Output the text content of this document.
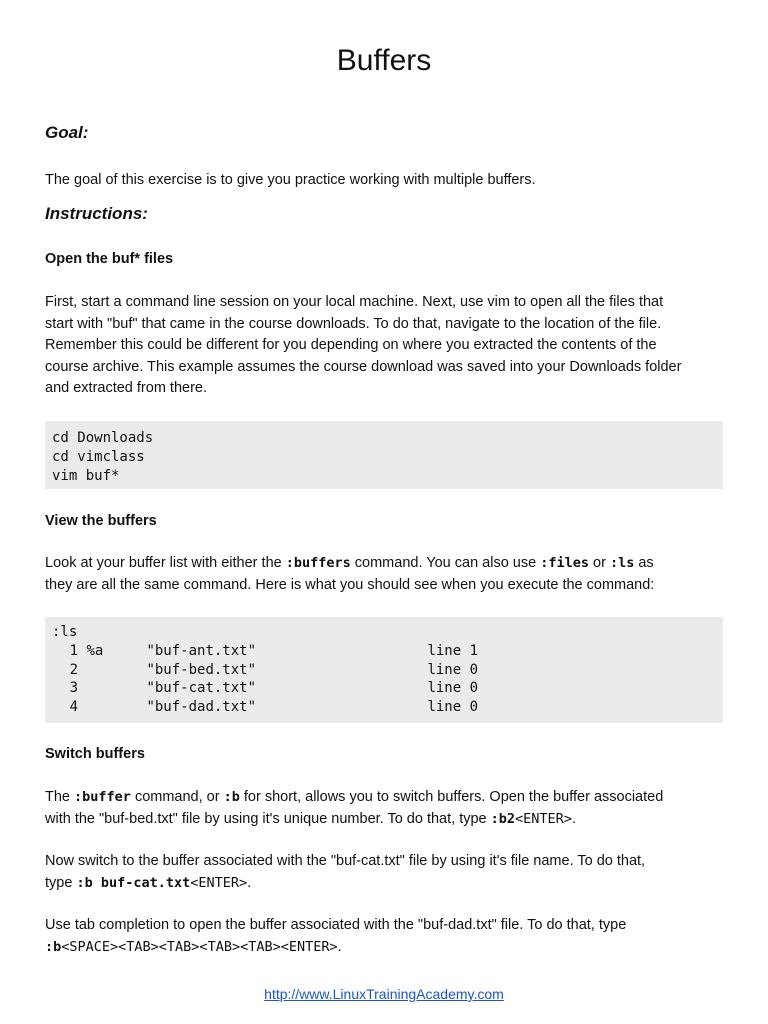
Buffers
Goal:

The goal of this exercise is to give you practice working with multiple buffers.

Instructions:
Open the buf* files

First, start a command line session on your local machine. Next, use vim to open all the files that
start with "buf" that came in the course downloads. To do that, navigate to the location of the file.
Remember this could be different for you depending on where you extracted the contents of the
course archive. This example assumes the course download was saved into your Downloads folder
and extracted from there.

cd Downloads
cd vimclass
vim buf*
View the buffers

Look at your buffer list with either the :buffers command. You can also use :files or :ls as
they are all the same command. Here is what you should see when you execute the command:

:ls
1 %a	"buf-ant.txt"	line 1
2	"buf-bed.txt"	line 0
3	"buf-cat.txt"	line 0
4	"buf-dad.txt"	line 0
Switch buffers

The :buffer command, or :b for short, allows you to switch buffers. Open the buffer associated
with the "buf-bed.txt" file by using it's unique number. To do that, type :b2<ENTER>.

Now switch to the buffer associated with the "buf-cat.txt" file by using it's file name. To do that,
type :b buf-cat.txt<ENTER>.

Use tab completion to open the buffer associated with the "buf-dad.txt" file. To do that, type
:b<SPACE><TAB><TAB><TAB><TAB><ENTER>.

http://www.LinuxTrainingAcademy.com
